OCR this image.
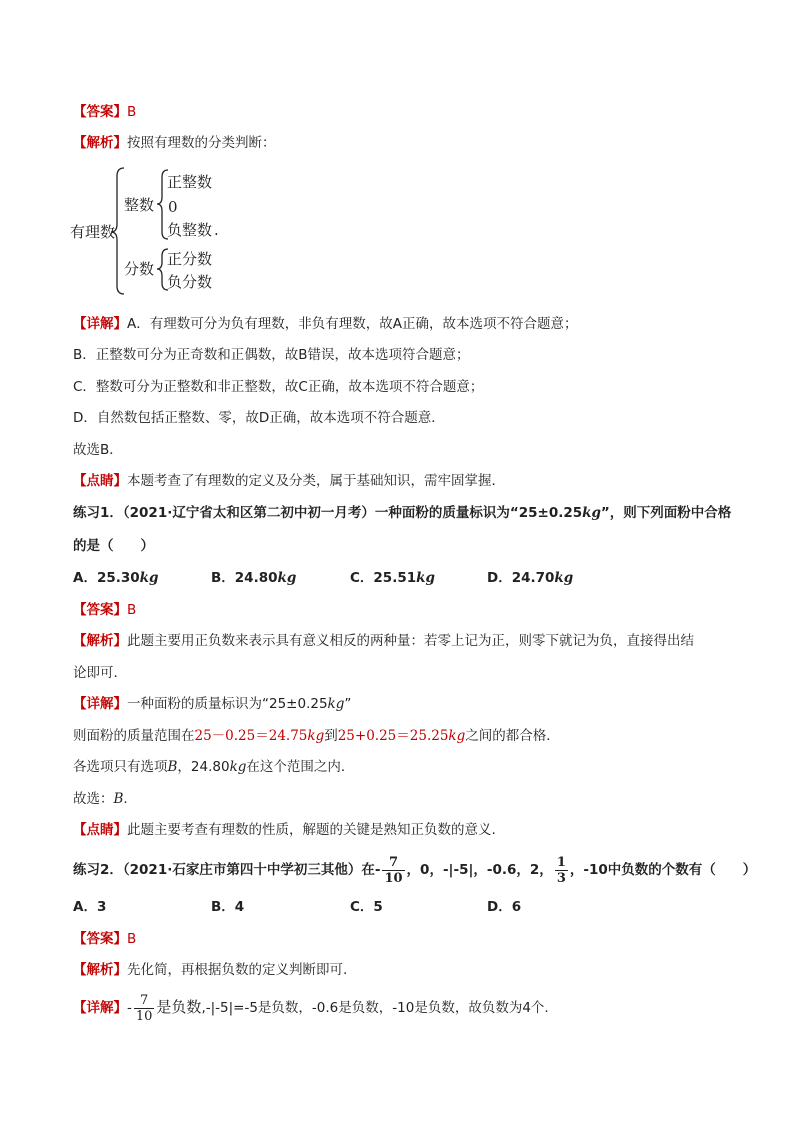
【答案】B
【解析】按照有理数的分类判断：
有理数
整数
正整数
0
负整数 .
分数
正分数
负分数
【详解】A．有理数可分为负有理数，非负有理数，故A正确，故本选项不符合题意；
B．正整数可分为正奇数和正偶数，故B错误，故本选项符合题意；
C．整数可分为正整数和非正整数，故C正确，故本选项不符合题意；
D．自然数包括正整数、零，故D正确，故本选项不符合题意．
故选B．
【点睛】本题考查了有理数的定义及分类，属于基础知识，需牢固掌握．
练习1．（2021·辽宁省太和区第二初中初一月考）一种面粉的质量标识为“25±0.25kg”，则下列面粉中合格
的是（　　）
A．25.30kg	B．24.80kg	C．25.51kg	D．24.70kg
【答案】B
【解析】此题主要用正负数来表示具有意义相反的两种量：若零上记为正，则零下就记为负，直接得出结
论即可．
【详解】一种面粉的质量标识为“25±0.25kg”
则面粉的质量范围在25－0.25＝24.75kg到25+0.25＝25.25kg之间的都合格．
各选项只有选项B，24.80kg在这个范围之内．
故选：B.
【点睛】此题主要考查有理数的性质，解题的关键是熟知正负数的意义.
练习2．（2021·石家庄市第四十中学初三其他）在- $\frac{7}{10}$ ，0，-|-5|，-0.6，2， $\frac{1}{3}$ ，-10中负数的个数有（　　）
A．3	B．4	C．5	D．6
【答案】B
【解析】先化简，再根据负数的定义判断即可.
【详解】- $\frac{7}{10}$ 是负数,-|-5|=-5是负数，-0.6是负数，-10是负数，故负数为4个.
